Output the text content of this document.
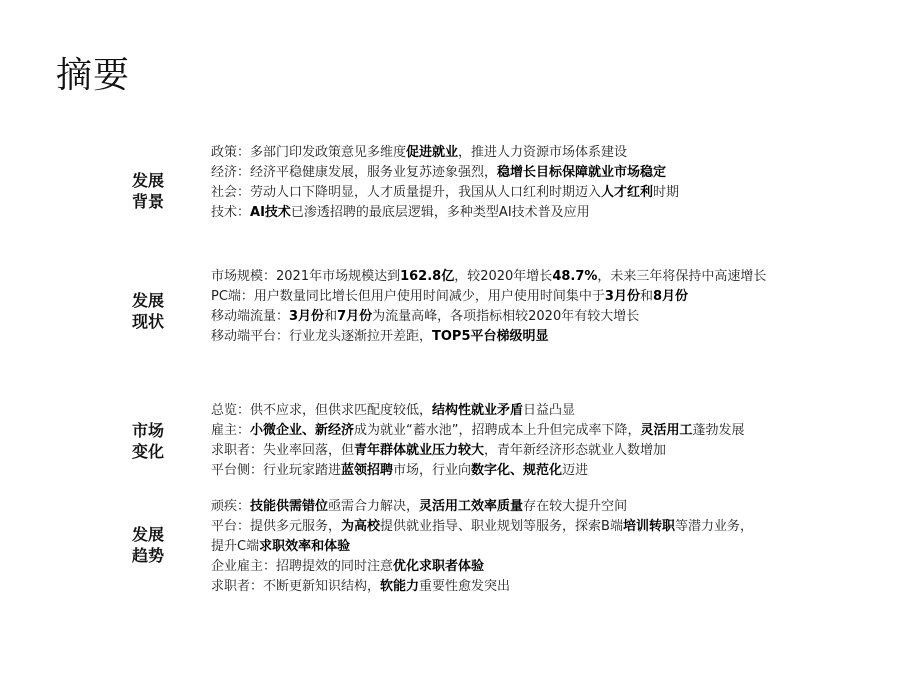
摘要
发展
背景
政策：多部门印发政策意见多维度促进就业，推进人力资源市场体系建设
经济：经济平稳健康发展，服务业复苏迹象强烈，稳增长目标保障就业市场稳定
社会：劳动人口下降明显，人才质量提升，我国从人口红利时期迈入人才红利时期
技术：AI技术已渗透招聘的最底层逻辑，多种类型AI技术普及应用
发展
现状
市场规模：2021年市场规模达到162.8亿，较2020年增长48.7%，未来三年将保持中高速增长
PC端：用户数量同比增长但用户使用时间减少，用户使用时间集中于3月份和8月份
移动端流量：3月份和7月份为流量高峰，各项指标相较2020年有较大增长
移动端平台：行业龙头逐渐拉开差距，TOP5平台梯级明显
市场
变化
总览：供不应求，但供求匹配度较低，结构性就业矛盾日益凸显
雇主：小微企业、新经济成为就业“蓄水池”，招聘成本上升但完成率下降，灵活用工蓬勃发展
求职者：失业率回落，但青年群体就业压力较大，青年新经济形态就业人数增加
平台侧：行业玩家踏进蓝领招聘市场，行业向数字化、规范化迈进
发展
趋势
顽疾：技能供需错位亟需合力解决，灵活用工效率质量存在较大提升空间
平台：提供多元服务，为高校提供就业指导、职业规划等服务，探索B端培训转职等潜力业务，
提升C端求职效率和体验
企业雇主：招聘提效的同时注意优化求职者体验
求职者：不断更新知识结构，软能力重要性愈发突出
